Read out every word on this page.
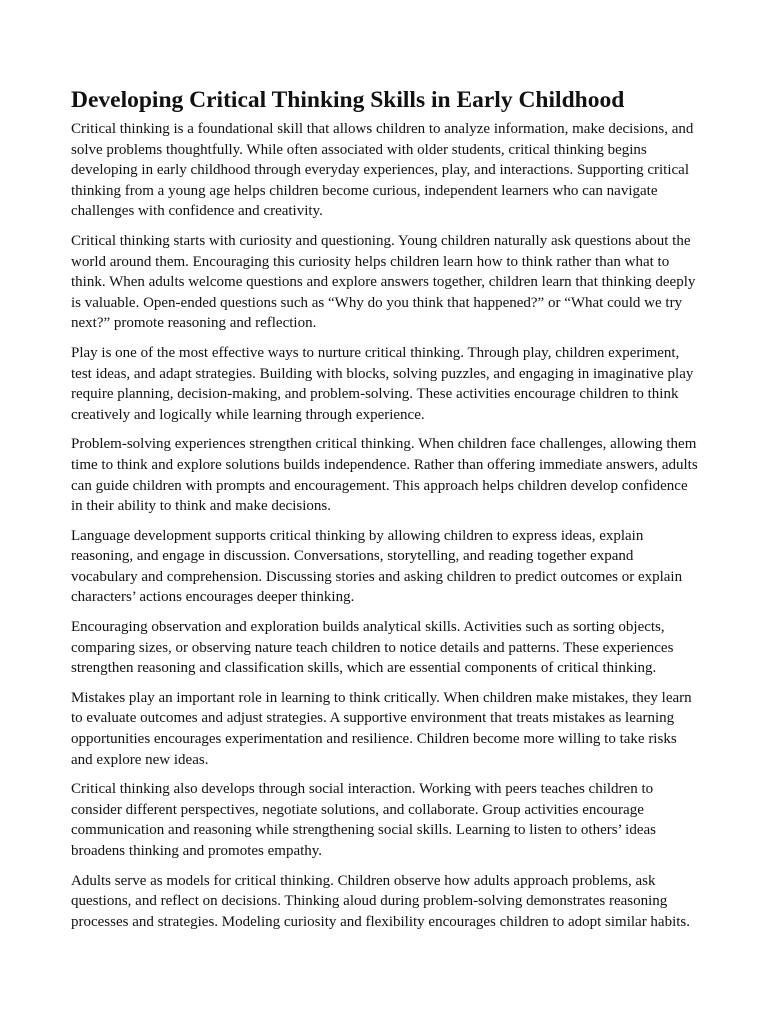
Developing Critical Thinking Skills in Early Childhood

Critical thinking is a foundational skill that allows children to analyze information, make decisions, and solve problems thoughtfully. While often associated with older students, critical thinking begins developing in early childhood through everyday experiences, play, and interactions. Supporting critical thinking from a young age helps children become curious, independent learners who can navigate challenges with confidence and creativity.

Critical thinking starts with curiosity and questioning. Young children naturally ask questions about the world around them. Encouraging this curiosity helps children learn how to think rather than what to think. When adults welcome questions and explore answers together, children learn that thinking deeply is valuable. Open-ended questions such as “Why do you think that happened?” or “What could we try next?” promote reasoning and reflection.

Play is one of the most effective ways to nurture critical thinking. Through play, children experiment, test ideas, and adapt strategies. Building with blocks, solving puzzles, and engaging in imaginative play require planning, decision-making, and problem-solving. These activities encourage children to think creatively and logically while learning through experience.

Problem-solving experiences strengthen critical thinking. When children face challenges, allowing them time to think and explore solutions builds independence. Rather than offering immediate answers, adults can guide children with prompts and encouragement. This approach helps children develop confidence in their ability to think and make decisions.

Language development supports critical thinking by allowing children to express ideas, explain reasoning, and engage in discussion. Conversations, storytelling, and reading together expand vocabulary and comprehension. Discussing stories and asking children to predict outcomes or explain characters’ actions encourages deeper thinking.

Encouraging observation and exploration builds analytical skills. Activities such as sorting objects, comparing sizes, or observing nature teach children to notice details and patterns. These experiences strengthen reasoning and classification skills, which are essential components of critical thinking.

Mistakes play an important role in learning to think critically. When children make mistakes, they learn to evaluate outcomes and adjust strategies. A supportive environment that treats mistakes as learning opportunities encourages experimentation and resilience. Children become more willing to take risks and explore new ideas.

Critical thinking also develops through social interaction. Working with peers teaches children to consider different perspectives, negotiate solutions, and collaborate. Group activities encourage communication and reasoning while strengthening social skills. Learning to listen to others’ ideas broadens thinking and promotes empathy.

Adults serve as models for critical thinking. Children observe how adults approach problems, ask questions, and reflect on decisions. Thinking aloud during problem-solving demonstrates reasoning processes and strategies. Modeling curiosity and flexibility encourages children to adopt similar habits.
